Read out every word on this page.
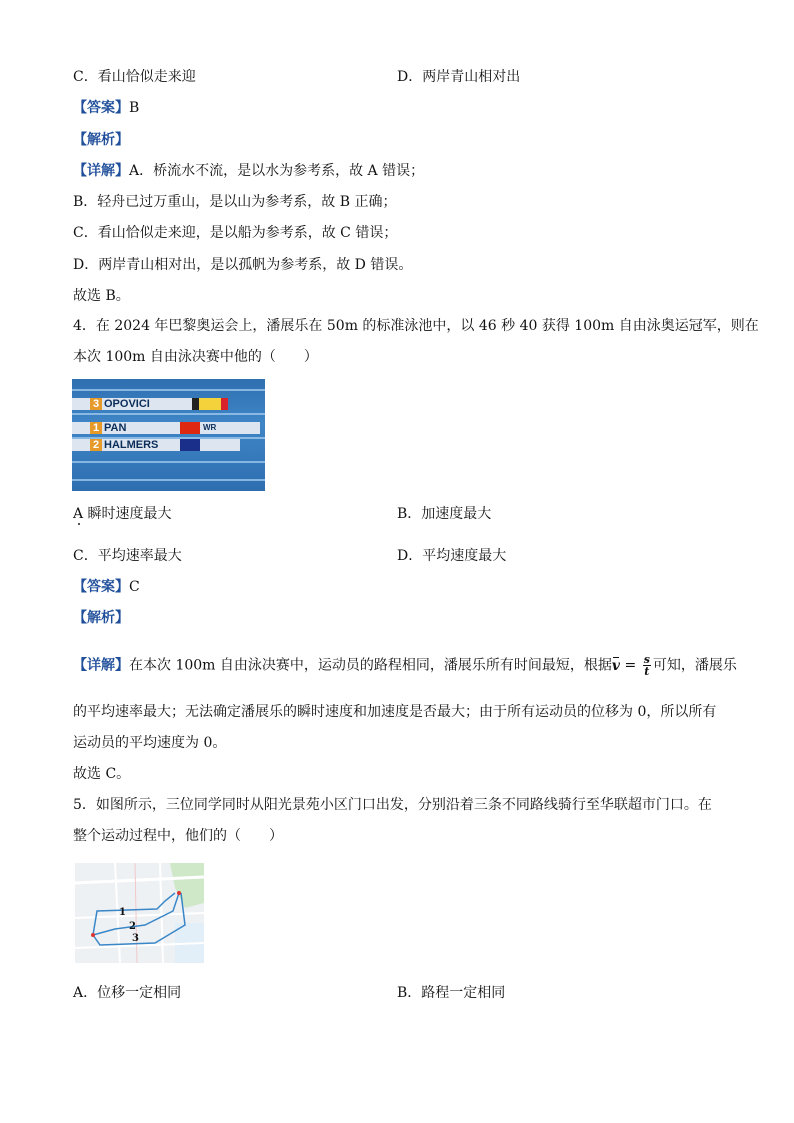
C．看山恰似走来迎	D．两岸青山相对出
【答案】B
【解析】
【详解】A．桥流水不流，是以水为参考系，故 A 错误；
B．轻舟已过万重山，是以山为参考系，故 B 正确；
C．看山恰似走来迎，是以船为参考系，故 C 错误；
D．两岸青山相对出，是以孤帆为参考系，故 D 错误。
故选 B。
4．在 2024 年巴黎奥运会上，潘展乐在 50m 的标准泳池中，以 46 秒 40 获得 100m 自由泳奥运冠军，则在
本次 100m 自由泳决赛中他的（　　）
3 OPOVICI
1 PAN	WR
2 HALMERS
A 瞬时速度最大	B．加速度最大
C．平均速率最大	D．平均速度最大
【答案】C
【解析】
【详解】在本次 100m 自由泳决赛中，运动员的路程相同，潘展乐所有时间最短，根据$v = \frac{s}{t}$ 可知，潘展乐
的平均速率最大；无法确定潘展乐的瞬时速度和加速度是否最大；由于所有运动员的位移为 0，所以所有
运动员的平均速度为 0。
故选 C。
5．如图所示，三位同学同时从阳光景苑小区门口出发，分别沿着三条不同路线骑行至华联超市门口。在
整个运动过程中，他们的（　　）
1
2
3
A．位移一定相同	B．路程一定相同
